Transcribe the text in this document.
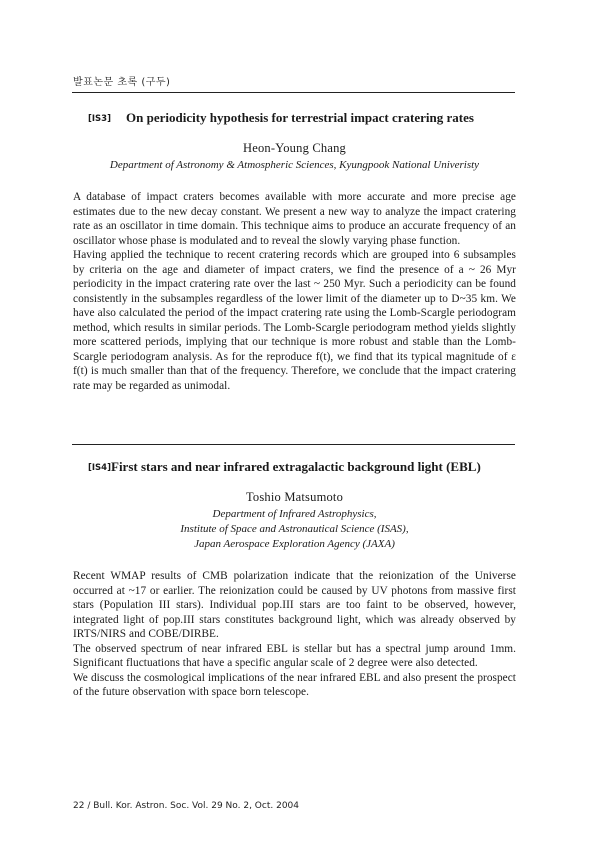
발표논문 초록 (구두)
[IS3] On periodicity hypothesis for terrestrial impact cratering rates
Heon-Young Chang
Department of Astronomy & Atmospheric Sciences, Kyungpook National Univeristy

A database of impact craters becomes available with more accurate and more precise age estimates due to the new decay constant. We present a new way to analyze the impact cratering rate as an oscillator in time domain. This technique aims to produce an accurate frequency of an oscillator whose phase is modulated and to reveal the slowly varying phase function.

Having applied the technique to recent cratering records which are grouped into 6 subsamples by criteria on the age and diameter of impact craters, we find the presence of a ~ 26 Myr periodicity in the impact cratering rate over the last ~ 250 Myr. Such a periodicity can be found consistently in the subsamples regardless of the lower limit of the diameter up to D~35 km. We have also calculated the period of the impact cratering rate using the Lomb-Scargle periodogram method, which results in similar periods. The Lomb-Scargle periodogram method yields slightly more scattered periods, implying that our technique is more robust and stable than the Lomb-Scargle periodogram analysis. As for the reproduce f(t), we find that its typical magnitude of ε f(t) is much smaller than that of the frequency. Therefore, we conclude that the impact cratering rate may be regarded as unimodal.

[IS4] First stars and near infrared extragalactic background light (EBL)
Toshio Matsumoto
Department of Infrared Astrophysics,
Institute of Space and Astronautical Science (ISAS),
Japan Aerospace Exploration Agency (JAXA)

Recent WMAP results of CMB polarization indicate that the reionization of the Universe occurred at ~17 or earlier. The reionization could be caused by UV photons from massive first stars (Population III stars). Individual pop.III stars are too faint to be observed, however, integrated light of pop.III stars constitutes background light, which was already observed by IRTS/NIRS and COBE/DIRBE.

The observed spectrum of near infrared EBL is stellar but has a spectral jump around 1mm. Significant fluctuations that have a specific angular scale of 2 degree were also detected.

We discuss the cosmological implications of the near infrared EBL and also present the prospect of the future observation with space born telescope.

22 / Bull. Kor. Astron. Soc. Vol. 29 No. 2, Oct. 2004
